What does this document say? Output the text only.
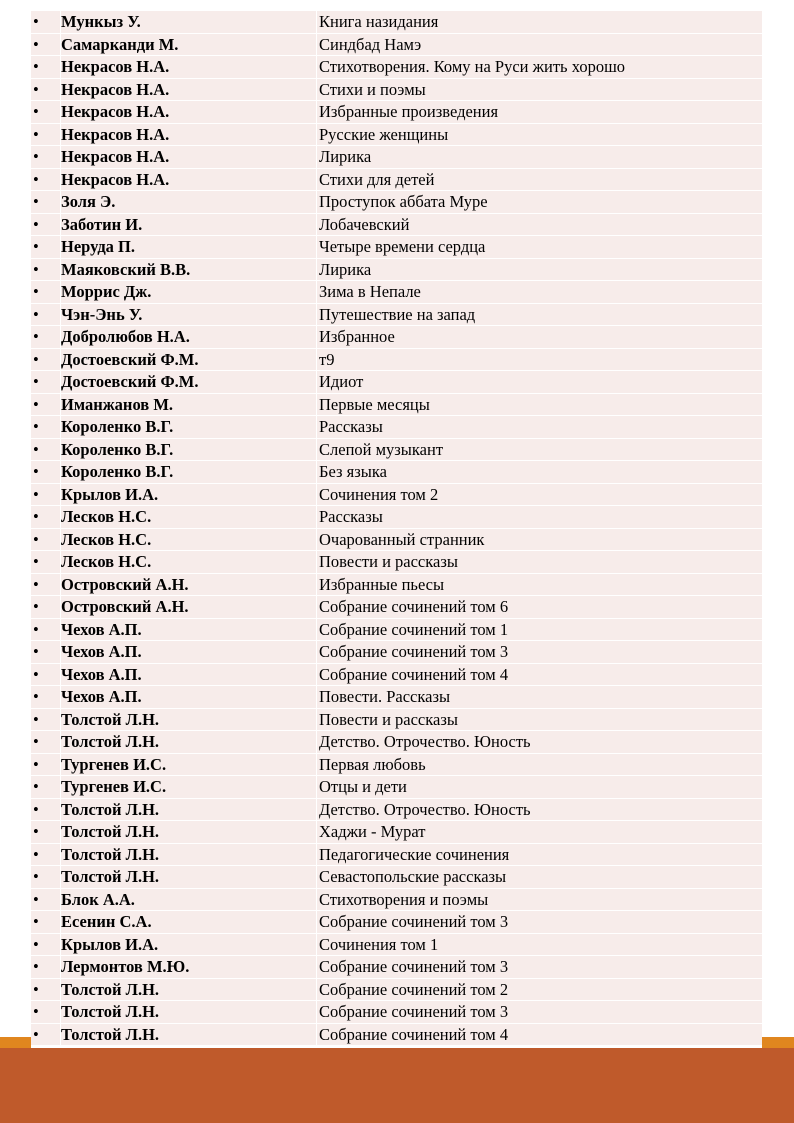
•	Мункыз У.	Книга назидания
•	Самарканди М.	Синдбад Намэ
•	Некрасов Н.А.	Стихотворения. Кому на Руси жить хорошо
•	Некрасов Н.А.	Стихи и поэмы
•	Некрасов Н.А.	Избранные произведения
•	Некрасов Н.А.	Русские женщины
•	Некрасов Н.А.	Лирика
•	Некрасов Н.А.	Стихи для детей
•	Золя Э.	Проступок аббата Муре
•	Заботин И.	Лобачевский
•	Неруда П.	Четыре времени сердца
•	Маяковский В.В.	Лирика
•	Моррис Дж.	Зима в Непале
•	Чэн-Энь У.	Путешествие на запад
•	Добролюбов Н.А.	Избранное
•	Достоевский Ф.М.	т9
•	Достоевский Ф.М.	Идиот
•	Иманжанов М.	Первые месяцы
•	Короленко В.Г.	Рассказы
•	Короленко В.Г.	Слепой музыкант
•	Короленко В.Г.	Без языка
•	Крылов И.А.	Сочинения том 2
•	Лесков Н.С.	Рассказы
•	Лесков Н.С.	Очарованный странник
•	Лесков Н.С.	Повести и рассказы
•	Островский А.Н.	Избранные пьесы
•	Островский А.Н.	Собрание сочинений том 6
•	Чехов А.П.	Собрание сочинений том 1
•	Чехов А.П.	Собрание сочинений том 3
•	Чехов А.П.	Собрание сочинений том 4
•	Чехов А.П.	Повести. Рассказы
•	Толстой Л.Н.	Повести и рассказы
•	Толстой Л.Н.	Детство. Отрочество. Юность
•	Тургенев И.С.	Первая любовь
•	Тургенев И.С.	Отцы и дети
•	Толстой Л.Н.	Детство. Отрочество. Юность
•	Толстой Л.Н.	Хаджи - Мурат
•	Толстой Л.Н.	Педагогические сочинения
•	Толстой Л.Н.	Севастопольские рассказы
•	Блок А.А.	Стихотворения и поэмы
•	Есенин С.А.	Собрание сочинений том 3
•	Крылов И.А.	Сочинения том 1
•	Лермонтов М.Ю.	Собрание сочинений том 3
•	Толстой Л.Н.	Собрание сочинений том 2
•	Толстой Л.Н.	Собрание сочинений том 3
•	Толстой Л.Н.	Собрание сочинений том 4
